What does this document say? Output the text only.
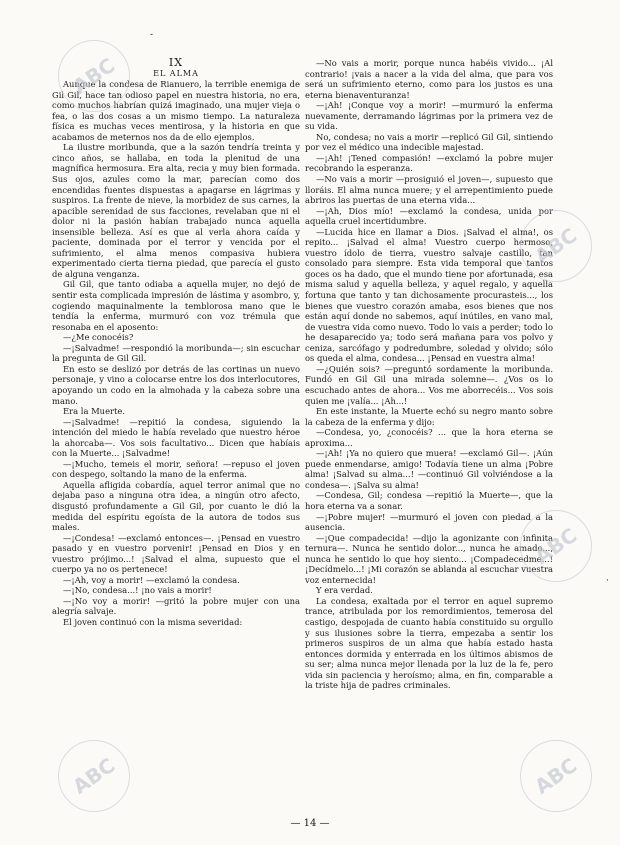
-

IX

EL ALMA

Aunque la condesa de Rianuero, la terrible enemiga de Gil Gil, hace tan odioso papel en nuestra historia, no era, como muchos habrían quizá imaginado, una mujer vieja o fea, o las dos cosas a un mismo tiempo. La naturaleza física es muchas veces mentirosa, y la historia en que acabamos de meternos nos da de ello ejemplos.

La ilustre moribunda, que a la sazón tendría treinta y cinco años, se hallaba, en toda la plenitud de una magnífica hermosura. Era alta, recia y muy bien formada. Sus ojos, azules como la mar, parecían como dos encendidas fuentes dispuestas a apagarse en lágrimas y suspiros. La frente de nieve, la morbidez de sus carnes, la apacible serenidad de sus facciones, revelaban que ni el dolor ni la pasión habían trabajado nunca aquella insensible belleza. Así es que al verla ahora caída y paciente, dominada por el terror y vencida por el sufrimiento, el alma menos compasiva hubiera experimentado cierta tierna piedad, que parecía el gusto de alguna venganza.

Gil Gil, que tanto odiaba a aquella mujer, no dejó de sentir esta complicada impresión de lástima y asombro, y, cogiendo maquinalmente la temblorosa mano que le tendía la enferma, murmuró con voz trémula que resonaba en el aposento:

—¿Me conocéis?

—¡Salvadme! —respondió la moribunda—; sin escuchar la pregunta de Gil Gil.

En esto se deslizó por detrás de las cortinas un nuevo personaje, y vino a colocarse entre los dos interlocutores, apoyando un codo en la almohada y la cabeza sobre una mano.

Era la Muerte.

—¡Salvadme! —repitió la condesa, siguiendo la intención del miedo le había revelado que nuestro héroe la ahorcaba—. Vos sois facultativo... Dicen que habíais con la Muerte... ¡Salvadme!

—¡Mucho, temeis el morir, señora! —repuso el joven con despego, soltando la mano de la enferma.

Aquella afligida cobardía, aquel terror animal que no dejaba paso a ninguna otra idea, a ningún otro afecto, disgustó profundamente a Gil Gil, por cuanto le dió la medida del espíritu egoísta de la autora de todos sus males.

—¡Condesa! —exclamó entonces—. ¡Pensad en vuestro pasado y en vuestro porvenir! ¡Pensad en Dios y en vuestro prójimo...! ¡Salvad el alma, supuesto que el cuerpo ya no os pertenece!

—¡Ah, voy a morir! —exclamó la condesa.

—¡No, condesa...! ¡no vais a morir!

—¡No voy a morir! —gritó la pobre mujer con una alegría salvaje.

El joven continuó con la misma severidad:

—No vais a morir, porque nunca habéis vivido... ¡Al contrario! ¡vais a nacer a la vida del alma, que para vos será un sufrimiento eterno, como para los justos es una eterna bienaventuranza!

—¡Ah! ¡Conque voy a morir! —murmuró la enferma nuevamente, derramando lágrimas por la primera vez de su vida.

No, condesa; no vais a morir —replicó Gil Gil, sintiendo por vez el médico una indecible majestad.

—¡Ah! ¡Tened compasión! —exclamó la pobre mujer recobrando la esperanza.

—No vais a morir —prosiguió el joven—, supuesto que lloráis. El alma nunca muere; y el arrepentimiento puede abriros las puertas de una eterna vida...

—¡Ah, Dios mío! —exclamó la condesa, unida por aquella cruel incertidumbre.

—Lucida hice en llamar a Dios. ¡Salvad el alma!, os repito... ¡Salvad el alma! Vuestro cuerpo hermoso, vuestro ídolo de tierra, vuestro salvaje castillo, tan consolado para siempre. Esta vida temporal que tantos goces os ha dado, que el mundo tiene por afortunada, esa misma salud y aquella belleza, y aquel regalo, y aquella fortuna que tanto y tan dichosamente procurasteis..., los bienes que vuestro corazón amaba, esos bienes que nos están aquí donde no sabemos, aquí inútiles, en vano mal, de vuestra vida como nuevo. Todo lo vais a perder; todo lo he desaparecido ya; todo será mañana para vos polvo y ceniza, sarcófago y podredumbre, soledad y olvido; sólo os queda el alma, condesa... ¡Pensad en vuestra alma!

—¿Quién sois? —preguntó sordamente la moribunda. Fundó en Gil Gil una mirada solemne—. ¿Vos os lo escuchado antes de ahora... Vos me aborrecéis... Vos sois quien me ¡valía... ¡Ah...!

En este instante, la Muerte echó su negro manto sobre la cabeza de la enferma y dijo:

—Condesa, yo, ¿conocéis? ... que la hora eterna se aproxima...

—¡Ah! ¡Ya no quiero que muera! —exclamó Gil—. ¡Aún puede enmendarse, amigo! Todavía tiene un alma ¡Pobre alma! ¡Salvad su alma...! —continuó Gil volviéndose a la condesa—. ¡Salva su alma!

—Condesa, Gil; condesa —repitió la Muerte—, que la hora eterna va a sonar.

—¡Pobre mujer! —murmuró el joven con piedad a la ausencia.

—¡Que compadecida! —dijo la agonizante con infinita ternura—. Nunca he sentido dolor..., nunca he amado..., nunca he sentido lo que hoy siento... ¡Compadecedme...! ¡Decídmelo...! ¡Mi corazón se ablanda al escuchar vuestra voz enternecida!

Y era verdad.

La condesa, exaltada por el terror en aquel supremo trance, atribulada por los remordimientos, temerosa del castigo, despojada de cuanto había constituido su orgullo y sus ilusiones sobre la tierra, empezaba a sentir los primeros suspiros de un alma que había estado hasta entonces dormida y enterrada en los últimos abismos de su ser; alma nunca mejor llenada por la luz de la fe, pero vida sin paciencia y heroísmo; alma, en fin, comparable a la triste hija de padres criminales.

ABC
ABC
ABC
ABC	ABC
·
— 14 —
